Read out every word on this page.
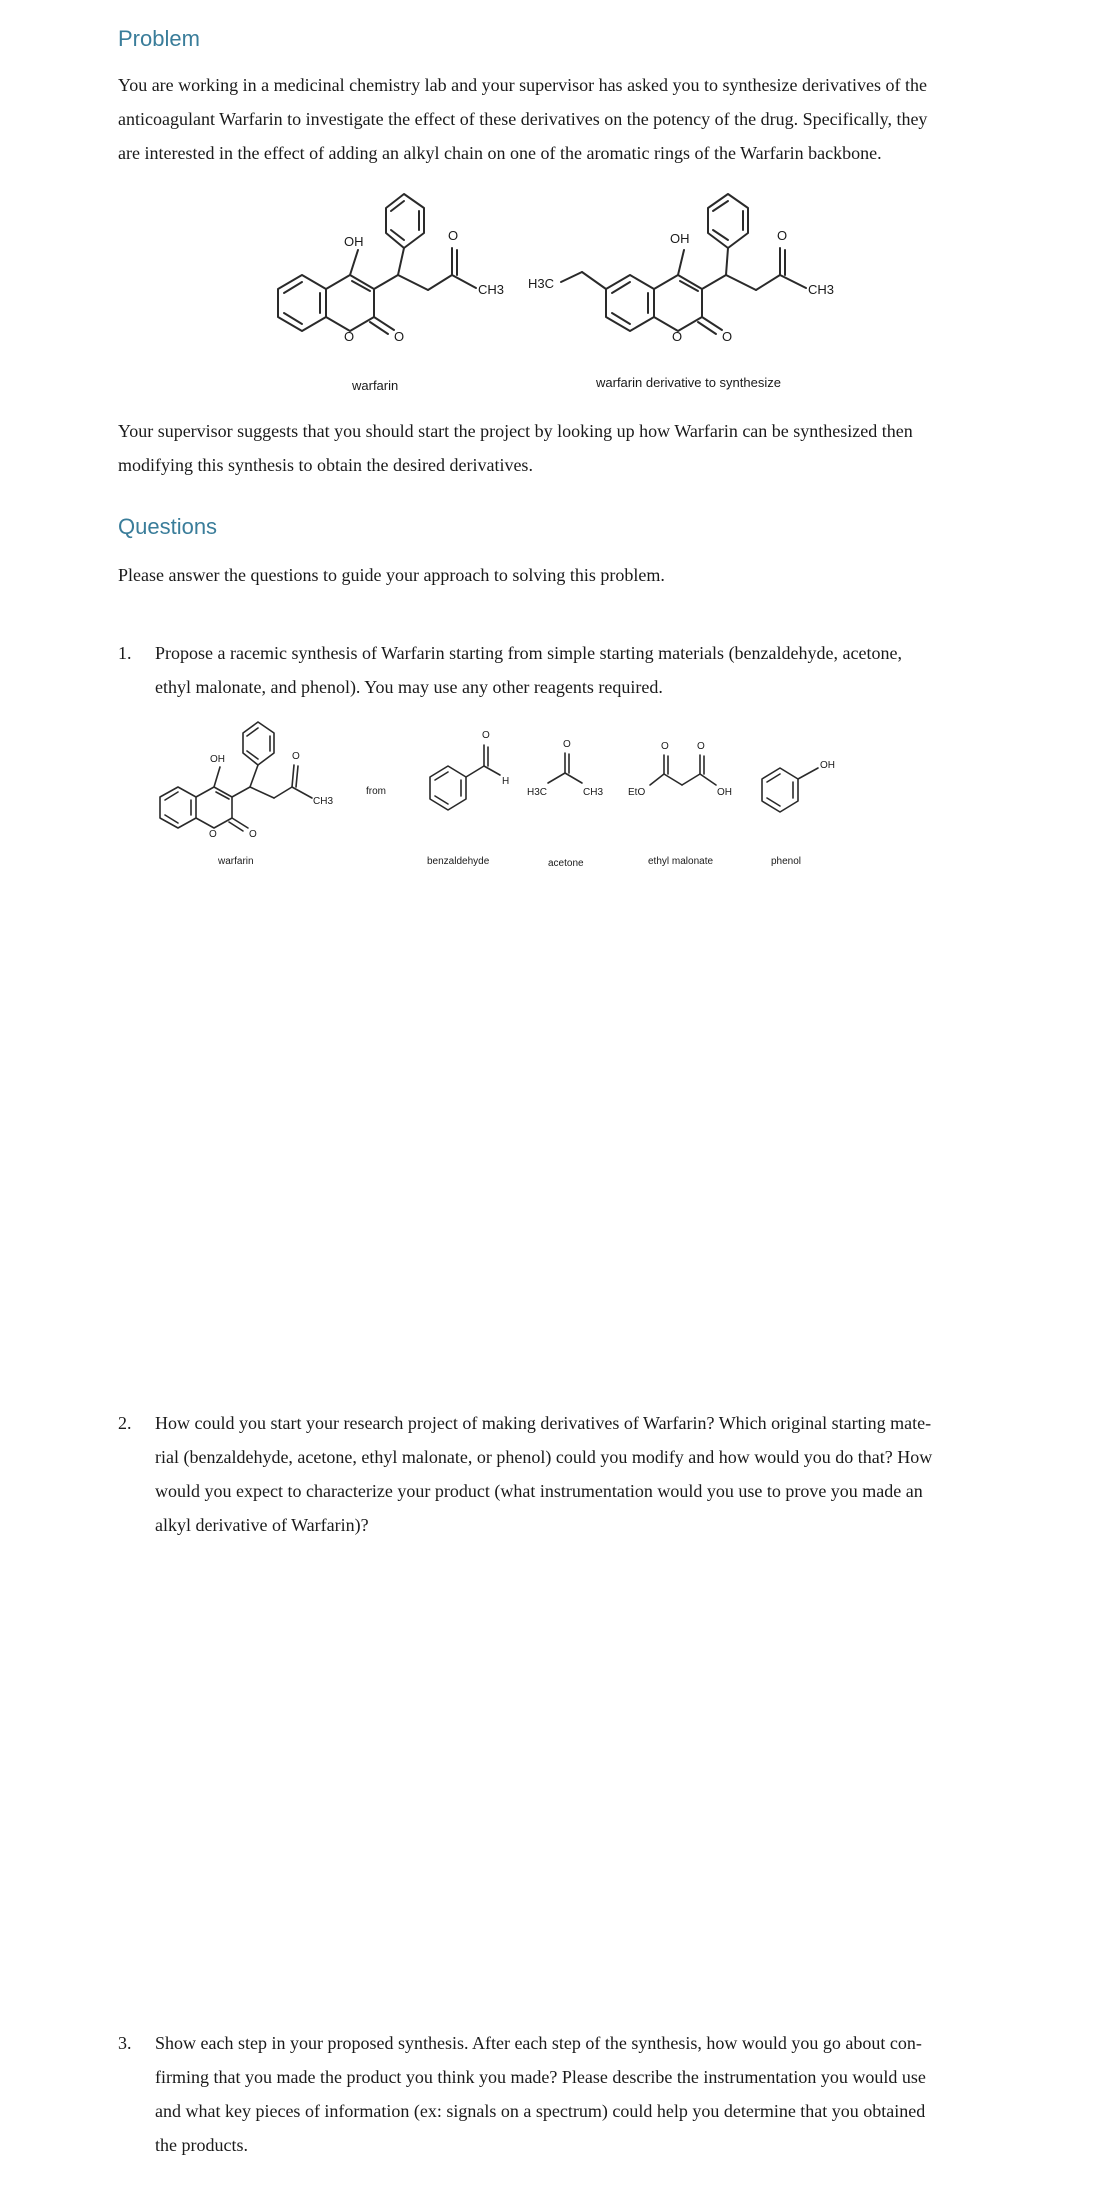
Problem

You are working in a medicinal chemistry lab and your supervisor has asked you to synthesize derivatives of the

anticoagulant Warfarin to investigate the effect of these derivatives on the potency of the drug. Specifically, they

are interested in the effect of adding an alkyl chain on one of the aromatic rings of the Warfarin backbone.

OH
O	O
O
CH3 H3C
OH
O	O
O
CH3
warfarin	warfarin derivative to synthesize

Your supervisor suggests that you should start the project by looking up how Warfarin can be synthesized then

modifying this synthesis to obtain the desired derivatives.

Questions

Please answer the questions to guide your approach to solving this problem.

1. Propose a racemic synthesis of Warfarin starting from simple starting materials (benzaldehyde, acetone,

ethyl malonate, and phenol). You may use any other reagents required.

OH
O	O
O
CH3
from
O
H
O
H3C	CH3
O	O
EtO	OH
OH
warfarin	benzaldehyde	acetone	ethyl malonate	phenol
2. How could you start your research project of making derivatives of Warfarin? Which original starting mate-

rial (benzaldehyde, acetone, ethyl malonate, or phenol) could you modify and how would you do that? How

would you expect to characterize your product (what instrumentation would you use to prove you made an

alkyl derivative of Warfarin)?

3. Show each step in your proposed synthesis. After each step of the synthesis, how would you go about con-

firming that you made the product you think you made? Please describe the instrumentation you would use

and what key pieces of information (ex: signals on a spectrum) could help you determine that you obtained

the products.
